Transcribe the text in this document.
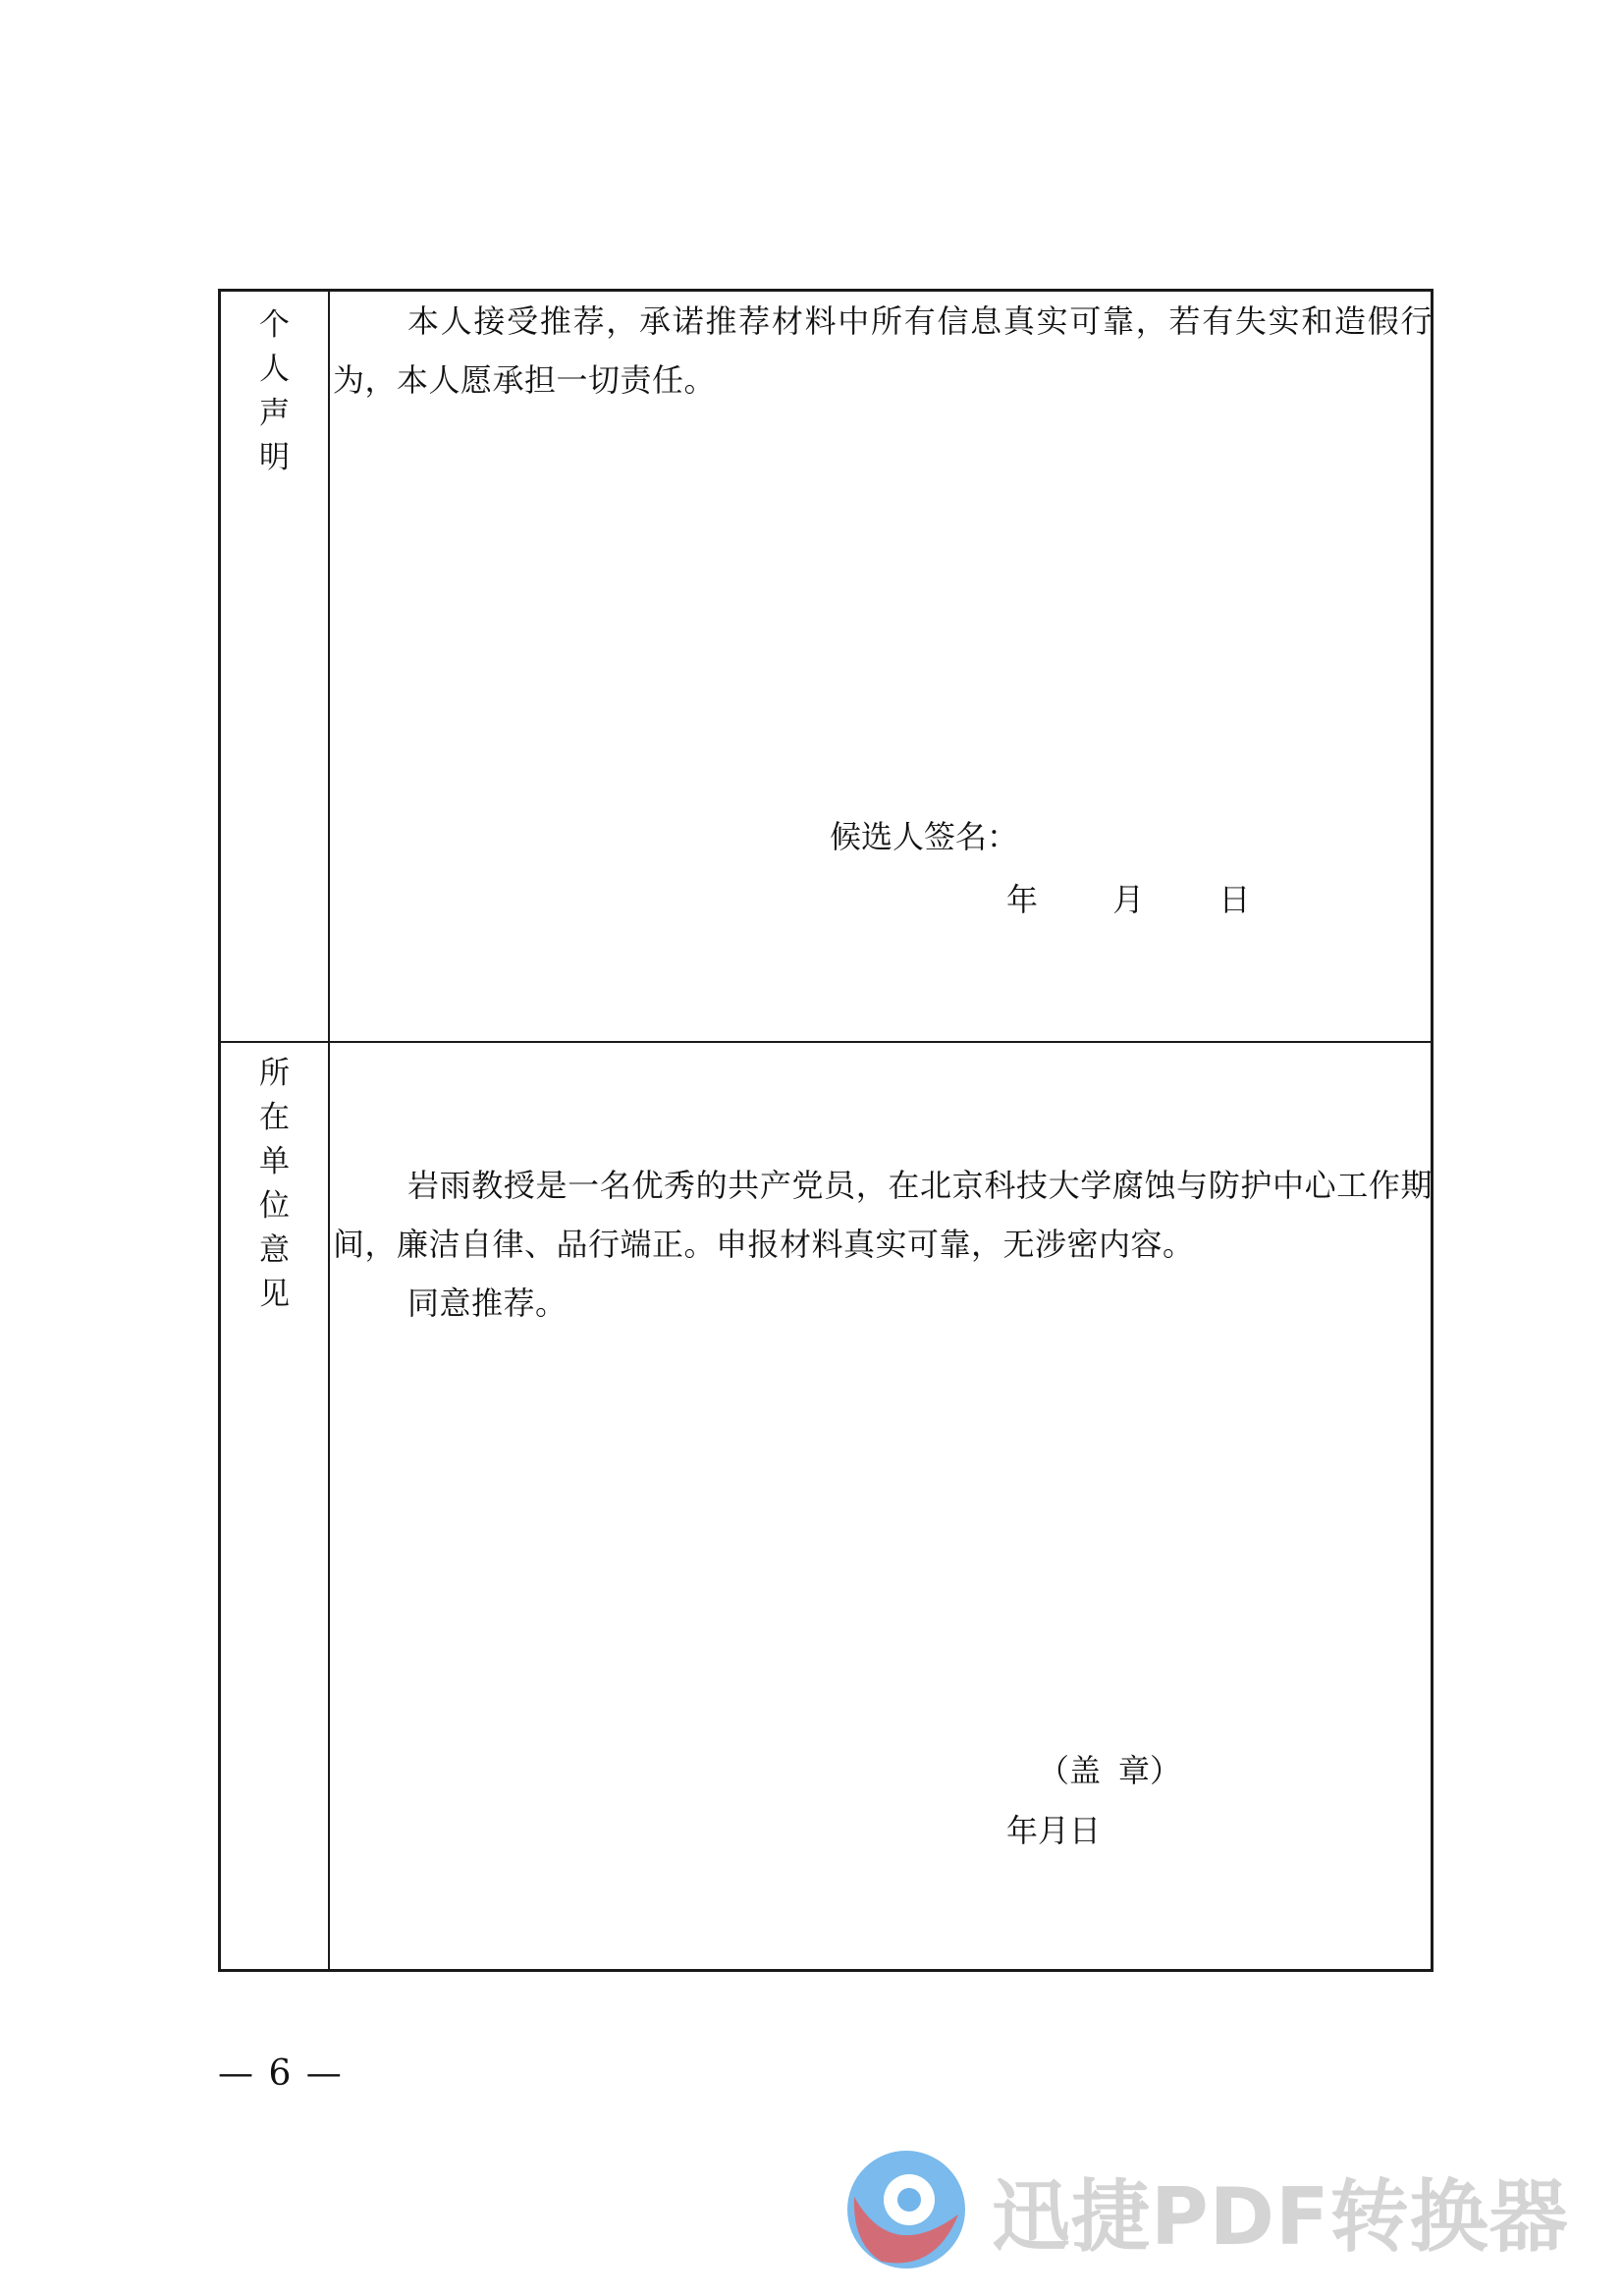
个
人
声
明
本人接受推荐，承诺推荐材料中所有信息真实可靠，若有失实和造假行为，本人愿承担一切责任。
候选人签名：
年 月 日
所
在
单
位
意
见
岩雨教授是一名优秀的共产党员，在北京科技大学腐蚀与防护中心工作期间，廉洁自律、品行端正。申报材料真实可靠，无涉密内容。
同意推荐。
（盖 章）
年月日
— 6 —
迅捷PDF转换器
